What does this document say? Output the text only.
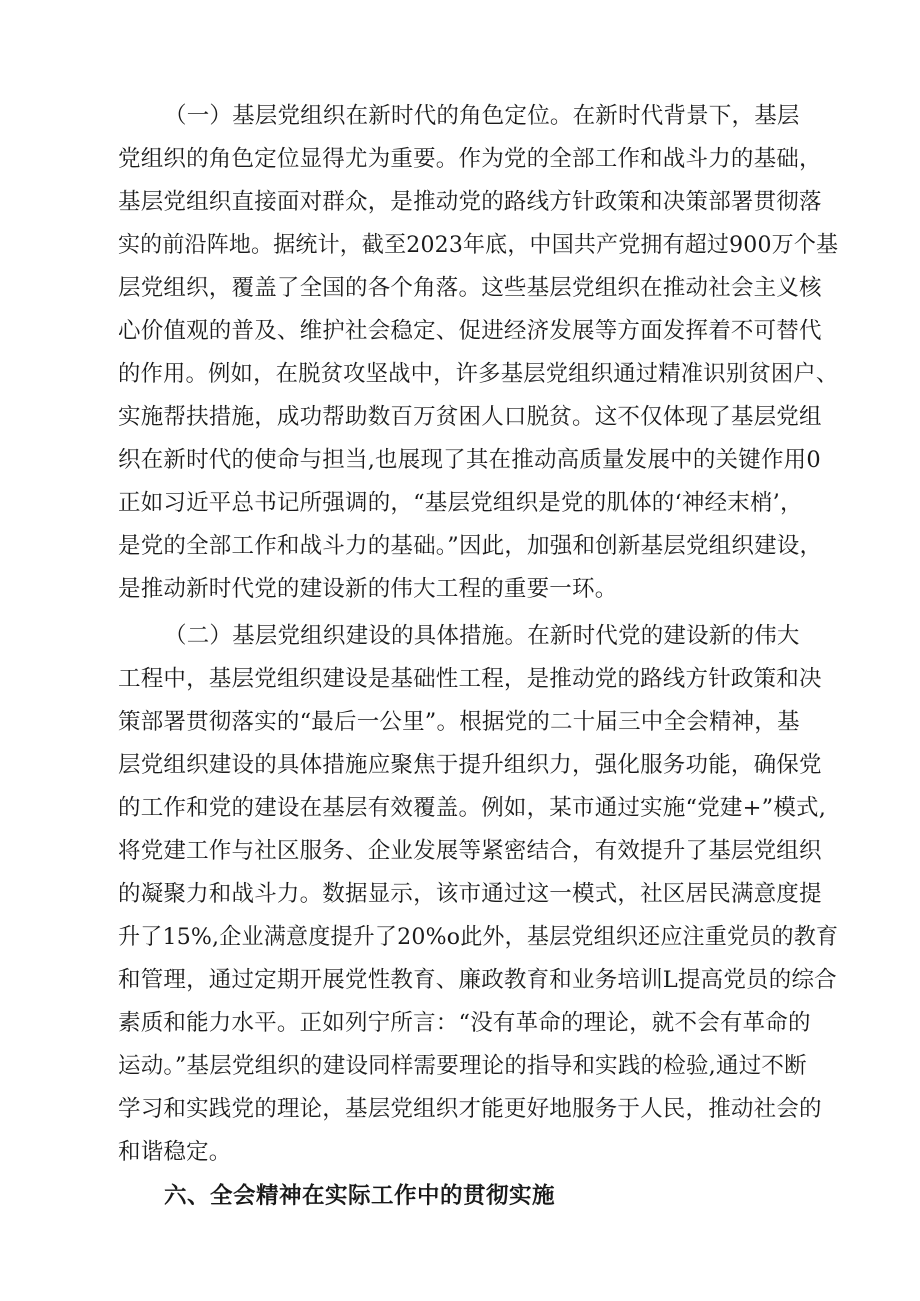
（一）基层党组织在新时代的角色定位。在新时代背景下，基层
党组织的角色定位显得尤为重要。作为党的全部工作和战斗力的基础，
基层党组织直接面对群众，是推动党的路线方针政策和决策部署贯彻落
实的前沿阵地。据统计，截至2023年底，中国共产党拥有超过900万个基
层党组织，覆盖了全国的各个角落。这些基层党组织在推动社会主义核
心价值观的普及、维护社会稳定、促进经济发展等方面发挥着不可替代
的作用。例如，在脱贫攻坚战中，许多基层党组织通过精准识别贫困户、
实施帮扶措施，成功帮助数百万贫困人口脱贫。这不仅体现了基层党组
织在新时代的使命与担当,也展现了其在推动高质量发展中的关键作用0
正如习近平总书记所强调的，“基层党组织是党的肌体的‘神经末梢’，
是党的全部工作和战斗力的基础。”因此，加强和创新基层党组织建设，
是推动新时代党的建设新的伟大工程的重要一环。
（二）基层党组织建设的具体措施。在新时代党的建设新的伟大
工程中，基层党组织建设是基础性工程，是推动党的路线方针政策和决
策部署贯彻落实的“最后一公里”。根据党的二十届三中全会精神，基
层党组织建设的具体措施应聚焦于提升组织力，强化服务功能，确保党
的工作和党的建设在基层有效覆盖。例如，某市通过实施“党建+”模式,
将党建工作与社区服务、企业发展等紧密结合，有效提升了基层党组织
的凝聚力和战斗力。数据显示，该市通过这一模式，社区居民满意度提
升了15%,企业满意度提升了20%o此外，基层党组织还应注重党员的教育
和管理，通过定期开展党性教育、廉政教育和业务培训L提高党员的综合
素质和能力水平。正如列宁所言：“没有革命的理论，就不会有革命的
运动。”基层党组织的建设同样需要理论的指导和实践的检验,通过不断
学习和实践党的理论，基层党组织才能更好地服务于人民，推动社会的
和谐稳定。
六、全会精神在实际工作中的贯彻实施
